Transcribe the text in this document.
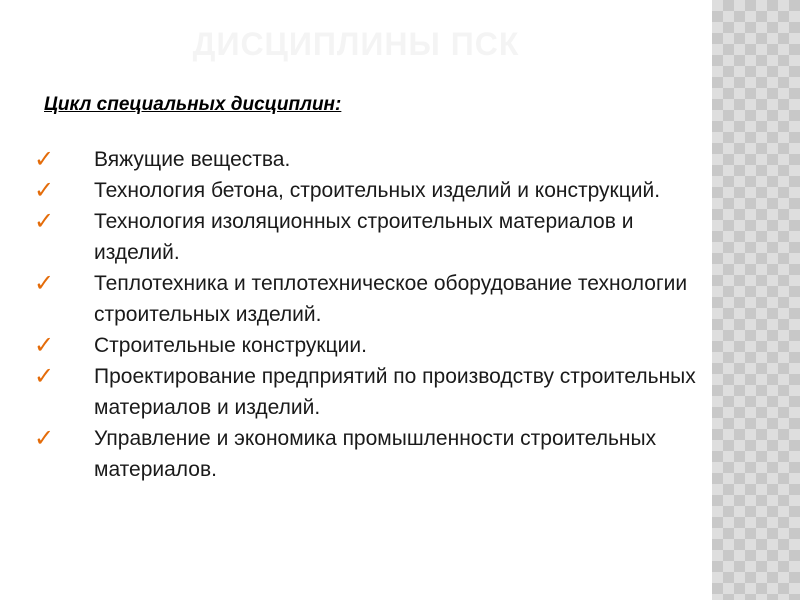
ДИСЦИПЛИНЫ ПСК

Цикл специальных дисциплин:

✓	Вяжущие вещества.
✓	Технология бетона, строительных изделий и конструкций.
✓	Технология изоляционных строительных материалов и изделий.
✓	Теплотехника и теплотехническое оборудование технологии строительных изделий.
✓	Строительные конструкции.
✓	Проектирование предприятий по производству строительных материалов и изделий.
✓	Управление и экономика промышленности строительных материалов.
